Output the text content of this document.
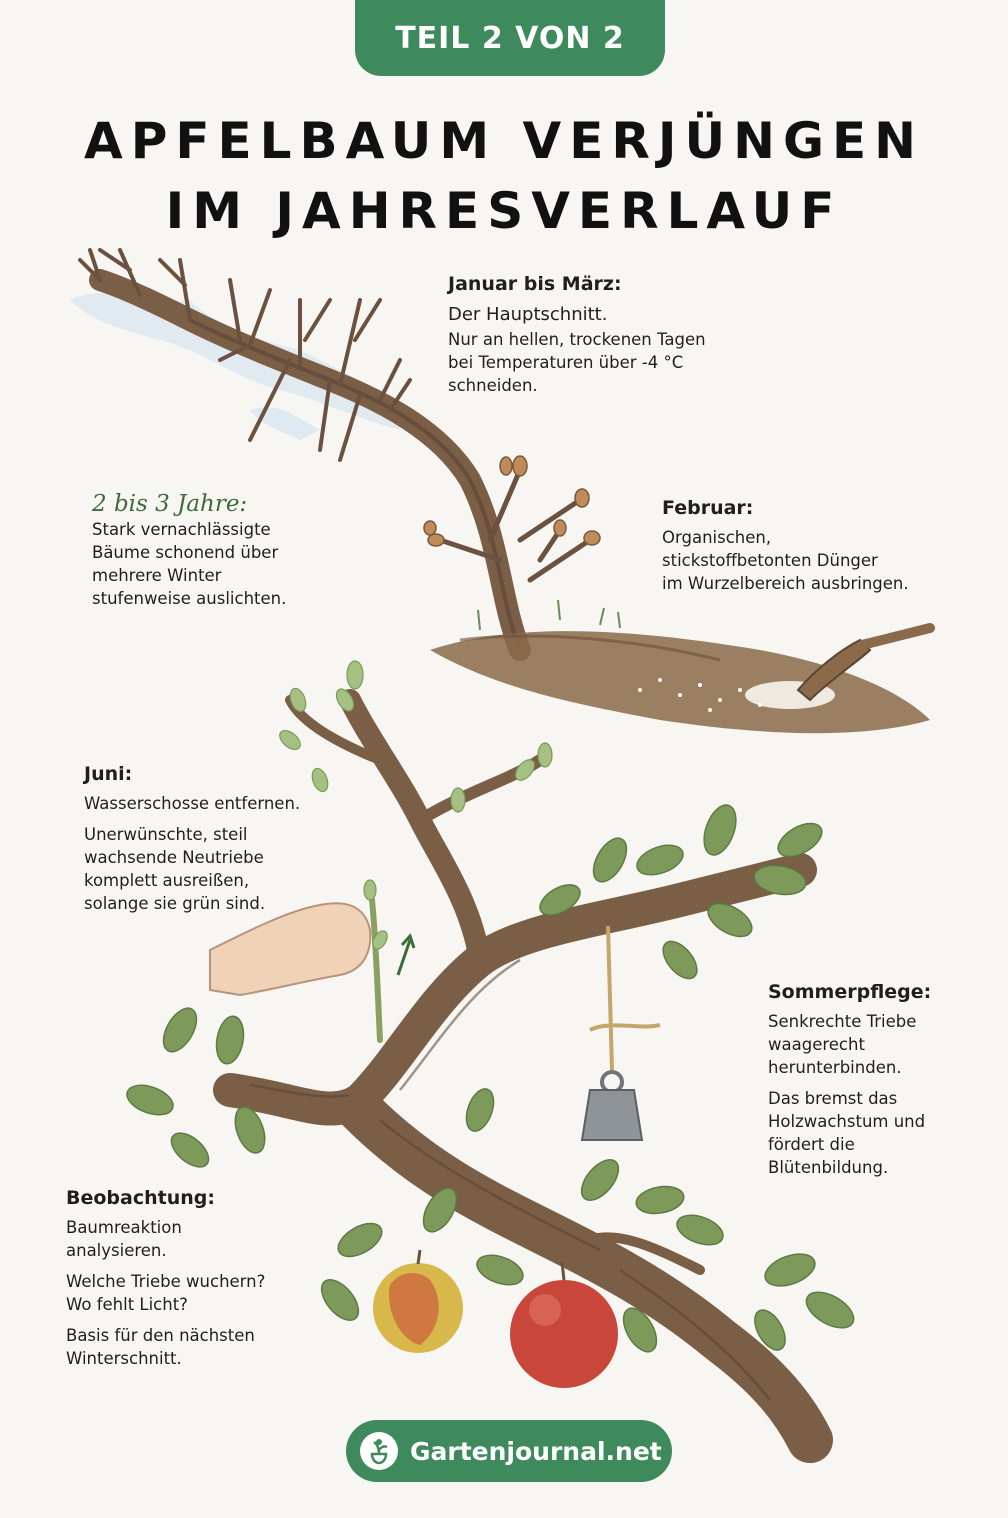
TEIL 2 VON 2
APFELBAUM VERJÜNGEN
IM JAHRESVERLAUF

Januar bis März:

Der Hauptschnitt.

Nur an hellen, trockenen Tagen

bei Temperaturen über -4 °C

schneiden.

2 bis 3 Jahre:

Stark vernachlässigte

Bäume schonend über

mehrere Winter

stufenweise auslichten.

Februar:

Organischen,

stickstoffbetonten Dünger

im Wurzelbereich ausbringen.

Juni:

Wasserschosse entfernen.

Unerwünschte, steil

wachsende Neutriebe

komplett ausreißen,

solange sie grün sind.

Sommerpflege:

Senkrechte Triebe

waagerecht

herunterbinden.

Das bremst das

Holzwachstum und

fördert die

Blütenbildung.

Beobachtung:

Baumreaktion

analysieren.

Welche Triebe wuchern?

Wo fehlt Licht?

Basis für den nächsten

Winterschnitt.

Gartenjournal.net
